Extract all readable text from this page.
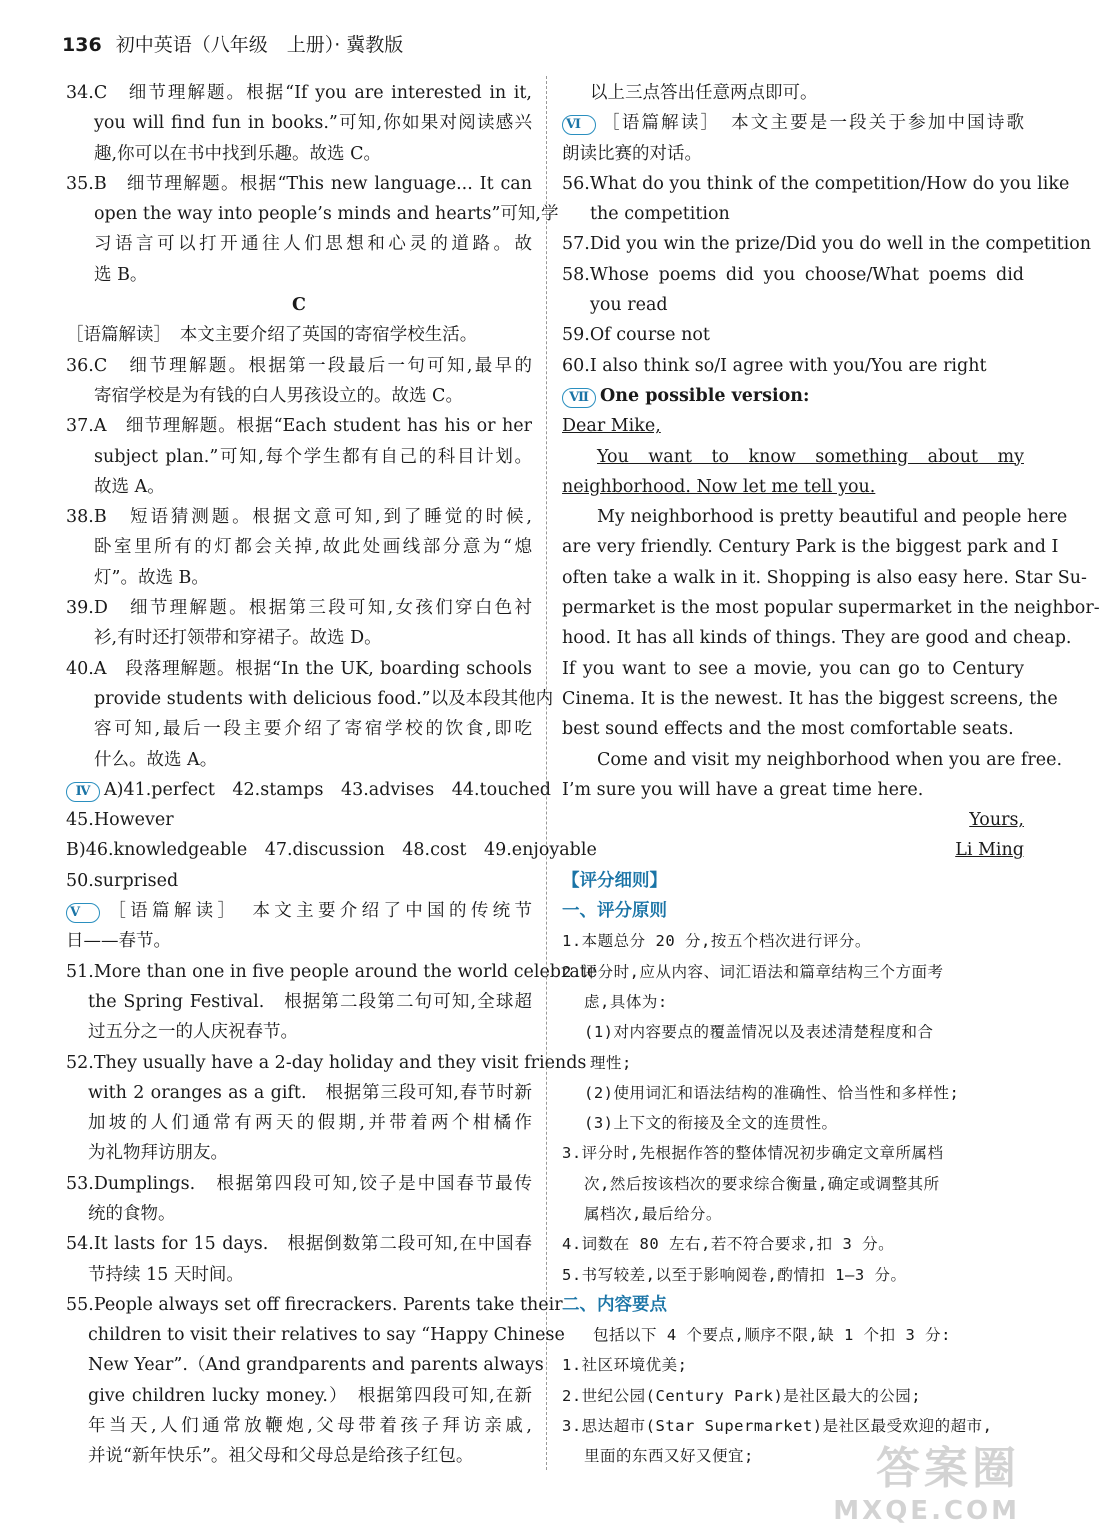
136 初中英语（八年级　上册）· 冀教版
34.C　细节理解题。根据“If you are interested in it,
you will find fun in books.”可知,你如果对阅读感兴
趣,你可以在书中找到乐趣。故选 C。
35.B　细节理解题。根据“This new language... It can
open the way into people’s minds and hearts”可知,学
习语言可以打开通往人们思想和心灵的道路。故
选 B。
C
［语篇解读］　本文主要介绍了英国的寄宿学校生活。
36.C　细节理解题。根据第一段最后一句可知,最早的
寄宿学校是为有钱的白人男孩设立的。故选 C。
37.A　细节理解题。根据“Each student has his or her
subject plan.”可知,每个学生都有自己的科目计划。
故选 A。
38.B　短语猜测题。根据文意可知,到了睡觉的时候,
卧室里所有的灯都会关掉,故此处画线部分意为“熄
灯”。故选 B。
39.D　细节理解题。根据第三段可知,女孩们穿白色衬
衫,有时还打领带和穿裙子。故选 D。
40.A　段落理解题。根据“In the UK, boarding schools
provide students with delicious food.”以及本段其他内
容可知,最后一段主要介绍了寄宿学校的饮食,即吃
什么。故选 A。
Ⅳ A)41.perfect　42.stamps　43.advises　44.touched
45.However
B)46.knowledgeable　47.discussion　48.cost　49.enjoyable
50.surprised
Ⅴ ［语篇解读］　本文主要介绍了中国的传统节
日——春节。
51.More than one in five people around the world celebrate
the Spring Festival.　根据第二段第二句可知,全球超
过五分之一的人庆祝春节。
52.They usually have a 2-day holiday and they visit friends
with 2 oranges as a gift.　根据第三段可知,春节时新
加坡的人们通常有两天的假期,并带着两个柑橘作
为礼物拜访朋友。
53.Dumplings.　根据第四段可知,饺子是中国春节最传
统的食物。
54.It lasts for 15 days.　根据倒数第二段可知,在中国春
节持续 15 天时间。
55.People always set off firecrackers. Parents take their
children to visit their relatives to say “Happy Chinese
New Year”.（And grandparents and parents always
give children lucky money.）　根据第四段可知,在新
年当天,人们通常放鞭炮,父母带着孩子拜访亲戚,
并说“新年快乐”。祖父母和父母总是给孩子红包。
以上三点答出任意两点即可。
Ⅵ ［语篇解读］　本文主要是一段关于参加中国诗歌
朗读比赛的对话。
56.What do you think of the competition/How do you like
the competition
57.Did you win the prize/Did you do well in the competition
58.Whose poems did you choose/What poems did
you read
59.Of course not
60.I also think so/I agree with you/You are right
Ⅶ One possible version:
Dear Mike,
You want to know something about my
neighborhood. Now let me tell you.
My neighborhood is pretty beautiful and people here
are very friendly. Century Park is the biggest park and I
often take a walk in it. Shopping is also easy here. Star Su-
permarket is the most popular supermarket in the neighbor-
hood. It has all kinds of things. They are good and cheap.
If you want to see a movie, you can go to Century
Cinema. It is the newest. It has the biggest screens, the
best sound effects and the most comfortable seats.
Come and visit my neighborhood when you are free.
I’m sure you will have a great time here.
Yours,
Li Ming
【评分细则】
一、评分原则
1.本题总分 20 分,按五个档次进行评分。
2.评分时,应从内容、词汇语法和篇章结构三个方面考
虑,具体为:
(1)对内容要点的覆盖情况以及表述清楚程度和合
理性;
(2)使用词汇和语法结构的准确性、恰当性和多样性;
(3)上下文的衔接及全文的连贯性。
3.评分时,先根据作答的整体情况初步确定文章所属档
次,然后按该档次的要求综合衡量,确定或调整其所
属档次,最后给分。
4.词数在 80 左右,若不符合要求,扣 3 分。
5.书写较差,以至于影响阅卷,酌情扣 1—3 分。
二、内容要点
包括以下 4 个要点,顺序不限,缺 1 个扣 3 分:
1.社区环境优美;
2.世纪公园(Century Park)是社区最大的公园;
3.思达超市(Star Supermarket)是社区最受欢迎的超市,
里面的东西又好又便宜;	答案圈
MXQE.COM
